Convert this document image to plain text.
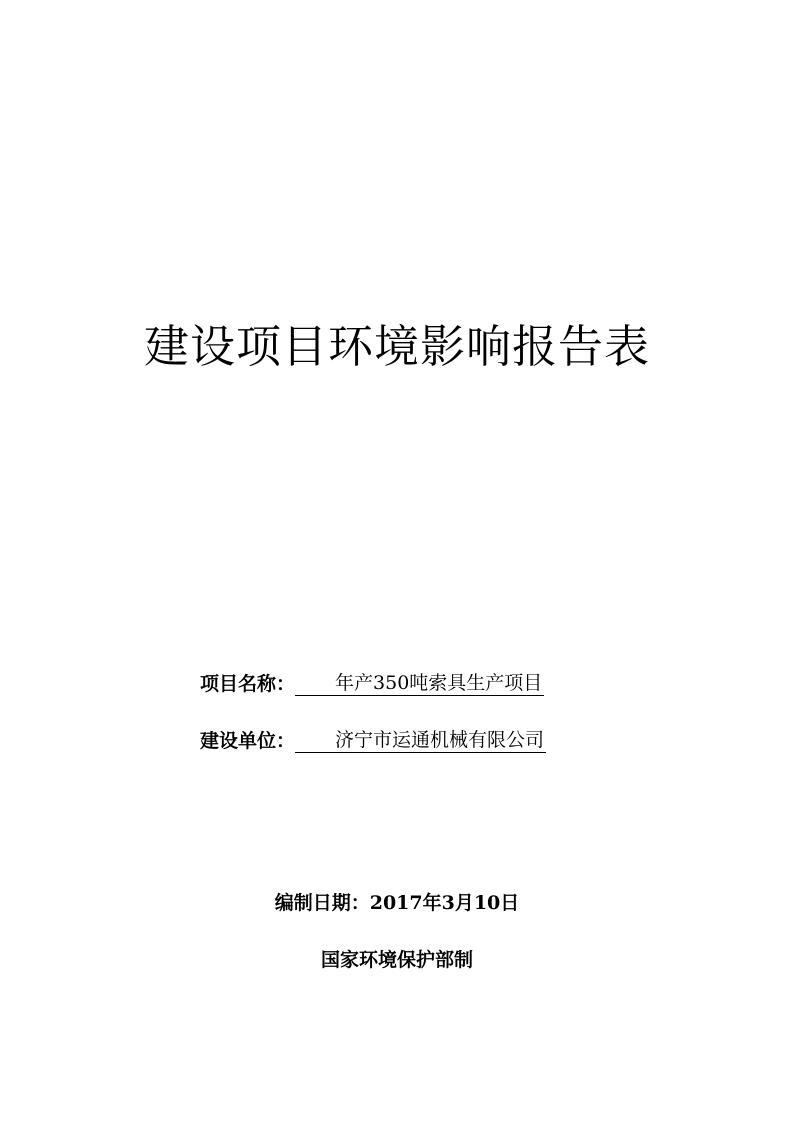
建设项目环境影响报告表
项目名称：	年产350吨索具生产项目
建设单位：	济宁市运通机械有限公司
编制日期：2017年3月10日
国家环境保护部制
